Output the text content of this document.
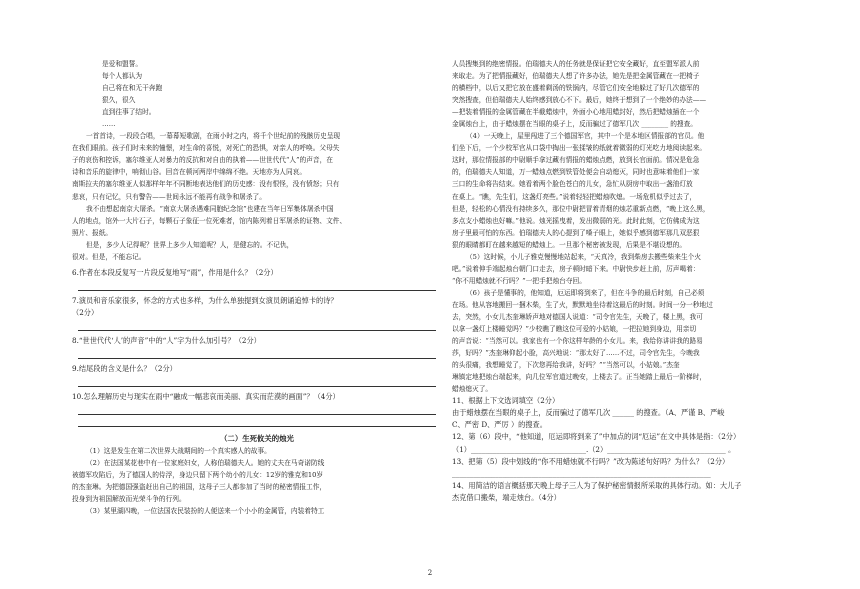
是爱和盟誓。
每个人都认为
自己将在和无干奔跑
狠久，很久
直到往事了结时。
……
一首首诗，一段段合唱，一幕幕短歌剧，在雨小时之内，将千个世纪前的残骸历史呈现
在我们眼前。孩子们时未来的憧憬，对生命的喜悦，对死亡的恐惧，对亲人的呼唤。父母失
子的哀伤和控诉，塞尔维亚人对暴力的反抗和对自由的执着——世世代代“人”的声音，在
诗和音乐的旋律中，响彻山谷。回音在顿河两岸中绵绵不绝。天地亦为人同哀。
南斯拉夫的塞尔维亚人似那样年年不同断地表达他们的历史感：没有恨怪，没有愤怒；只有
悲哀，只有记忆，只有警告——世间永远不能再有战争和屠杀了。
我不由想起南京大屠杀。“南京大屠杀遇难同胞纪念馆”也建在当年日军集体屠杀中国
人的地点，馆外一大片石子，每颗石子象征一位死难者，馆内陈列着日军屠杀的证物、文件、
照片、报纸。
但是，多少人记得呢？世界上多少人知道呢？人，是健忘的。不记仇，
很对。但是，不能忘记。
6.作者在本段反复写一片段反复地写“雨”，作用是什么？（2分）
7.演员和音乐家很多，怀念的方式也多样，为什么单独提到女演员朗诵追悼卡的诗？
（2分）
8.“世世代代‘人’的声音”中的“人”字为什么加引号？（2分）
9.结尾段的含义是什么？（2分）
10.怎么理解历史与现实在雨中“融成一幅悲哀而美丽、真实而茫漠的画面”？（4分）
（二）生死攸关的烛光
（1）这是发生在第二次世界大战期间的一个真实感人的故事。
（2）在法国某花巷中有一位家庭妇女，人称伯瑞德夫人。她的丈夫在马奇诺防线
被德军攻陷后，为了德国人的侍浮，身边只留下两个幼小的儿女：12岁的雅克和10岁
的杰奎琳。为把德国强盗赶出自己的祖国，这母子三人都参加了当时的秘密情报工作，
投身到为祖国解放而光荣斗争的行列。
（3）某里湖四晚，一位法国农民装扮的人便送来一个小小的金属管，内装着特工
人员搜集到的绝密情报。伯瑞德夫人的任务就是保证把它安全藏好，直至盟军派人前
来取走。为了把情报藏好，伯瑞德夫人想了许多办法，她先是把金属管藏在一把椅子
的横档中，以后又把它放在盛着剩汤的铁锅内，尽管它们安全地躲过了好几次德军的
突然搜查，但伯瑞德夫人始终感到放心不下。最后，她终于想到了一个绝妙的办法——
—把装着情报的金属管藏在半截蜡烛中，外面小心地用蜡封好，然后把蜡烛插在一个
金属烛台上，由于蜡烛摆在当眼的桌子上，反而骗过了德军几次 ________ 的搜查。
（4）一天晚上，屋里闯进了三个德国军官，其中一个是本地区情报部的官员。他
们坐下后，一个少校军官从口袋中掏出一张揉皱的纸就着微弱的灯光吃力地阅读起来。
这时，那位情报部的中尉顺手拿过藏有情报的蜡烛点燃，放到长官面前。情况是危急
的，伯瑞德夫人知道，万一蜡烛点燃到铁管处便会自动熄灭，同时也意味着他们一家
三口的生命将告结束。她看着两个脸色苍白的儿女，急忙从厨房中取出一盏油灯放
在桌上。“瞧，先生们，这盏灯亮些。”说着轻轻把蜡烛吹熄。一场危机似乎过去了，
但是，轻松的心情没有持续多久，那位中尉把冒着青烟的烛芯重新点燃，“晚上这么黑，
多点支小蜡烛也好嘛。”他说。烛光摇曳着，发出微弱的光。此时此刻，它仿佛成为这
房子里最可怕的东西。伯瑞德夫人的心提到了嗓子眼上，她似乎感到德军那几双恶狠
狠的眼睛都盯在越来越短的蜡烛上。一旦那个秘密被发现，后果是不堪设想的。
（5）这时候，小儿子雅克慢慢地站起来，“天真冷，我到柴房去搬些柴来生个火
吧。”说着伸手端起烛台朝门口走去，房子顿时暗下来。中尉快步赶上前，厉声喝着：
“你不用蜡烛就不行吗？”一把手把烛台夺回。
（6）孩子是懂事的，他知道，厄运即将到来了，但在斗争的最后时刻，自己必须
在场。他从容地搬回一捆木柴，生了火，默默地坐待着这最后的时刻。时间一分一秒地过
去，突然，小女儿杰奎琳娇声地对德国人说道：“司令官先生，天晚了，楼上黑，我可
以拿一盏灯上楼睡觉吗？”少校瞧了瞧这位可爱的小姑娘，一把拉她到身边，用亲切
的声音说：“当然可以。我家也有一个你这样年龄的小女儿。来，我给你讲讲我的路易
莎，好吗？”杰奎琳仰起小脸，高兴地说：“那太好了……不过，司令官先生，今晚我
的头很痛，我想睡觉了，下次您再给我讲，好吗？”“当然可以，小姑娘。”杰奎
琳镇定地把烛台端起来，向几位军官道过晚安，上楼去了。正当她踏上最后一阶梯时，
蜡烛熄灭了。
11、根据上下文选词填空（2分）
由于蜡烛摆在当眼的桌子上，反而骗过了德军几次 ______ 的搜查。（A、严谨 B、严峻
C、严密 D、严厉 ）的搜查。
12、第（6）段中，“他知道，厄运即将到来了”中加点的词“厄运”在文中具体是指：（2分）
（1）________________________________.（2）_________________________________ 。
13、把第（5）段中划线的“你不用蜡烛就不行吗？”改为陈述句好吗？为什么？（2分）
________________________________________________________________________
14、用简洁的语言概括那天晚上母子三人为了保护秘密情报所采取的具体行动。如：大儿子
杰克借口搬柴，端走烛台。（4分）
2
